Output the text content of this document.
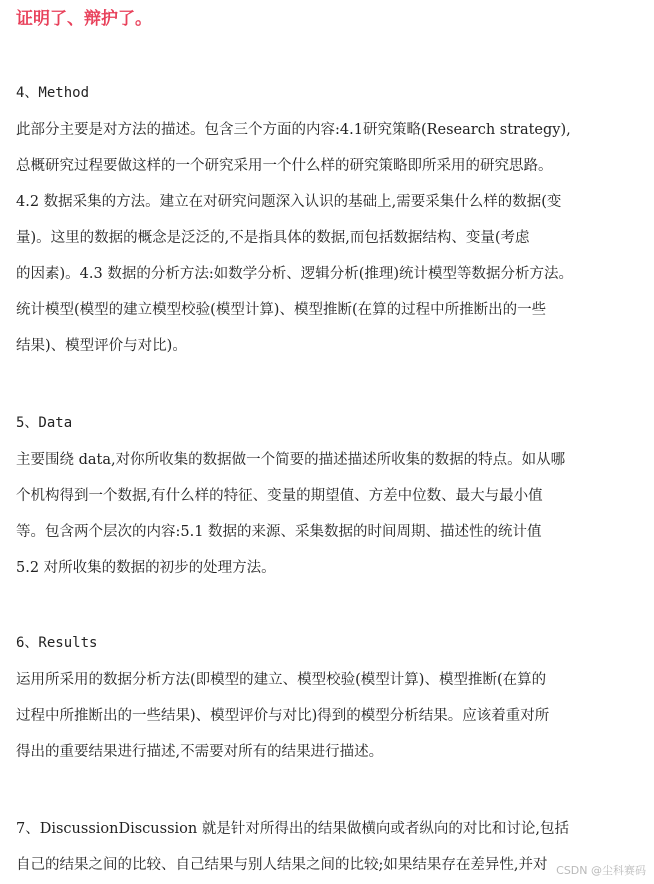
证明了、辩护了。
4、Method
此部分主要是对方法的描述。包含三个方面的内容:4.1研究策略(Research strategy),
总概研究过程要做这样的一个研究采用一个什么样的研究策略即所采用的研究思路。
4.2 数据采集的方法。建立在对研究问题深入认识的基础上,需要采集什么样的数据(变
量)。这里的数据的概念是泛泛的,不是指具体的数据,而包括数据结构、变量(考虑
的因素)。4.3 数据的分析方法:如数学分析、逻辑分析(推理)统计模型等数据分析方法。
统计模型(模型的建立模型校验(模型计算)、模型推断(在算的过程中所推断出的一些
结果)、模型评价与对比)。
5、Data
主要围绕 data,对你所收集的数据做一个简要的描述描述所收集的数据的特点。如从哪
个机构得到一个数据,有什么样的特征、变量的期望值、方差中位数、最大与最小值
等。包含两个层次的内容:5.1 数据的来源、采集数据的时间周期、描述性的统计值
5.2 对所收集的数据的初步的处理方法。
6、Results
运用所采用的数据分析方法(即模型的建立、模型校验(模型计算)、模型推断(在算的
过程中所推断出的一些结果)、模型评价与对比)得到的模型分析结果。应该着重对所
得出的重要结果进行描述,不需要对所有的结果进行描述。
7、DiscussionDiscussion 就是针对所得出的结果做横向或者纵向的对比和讨论,包括
自己的结果之间的比较、自己结果与别人结果之间的比较;如果结果存在差异性,并对 CSDN @尘科赛码
